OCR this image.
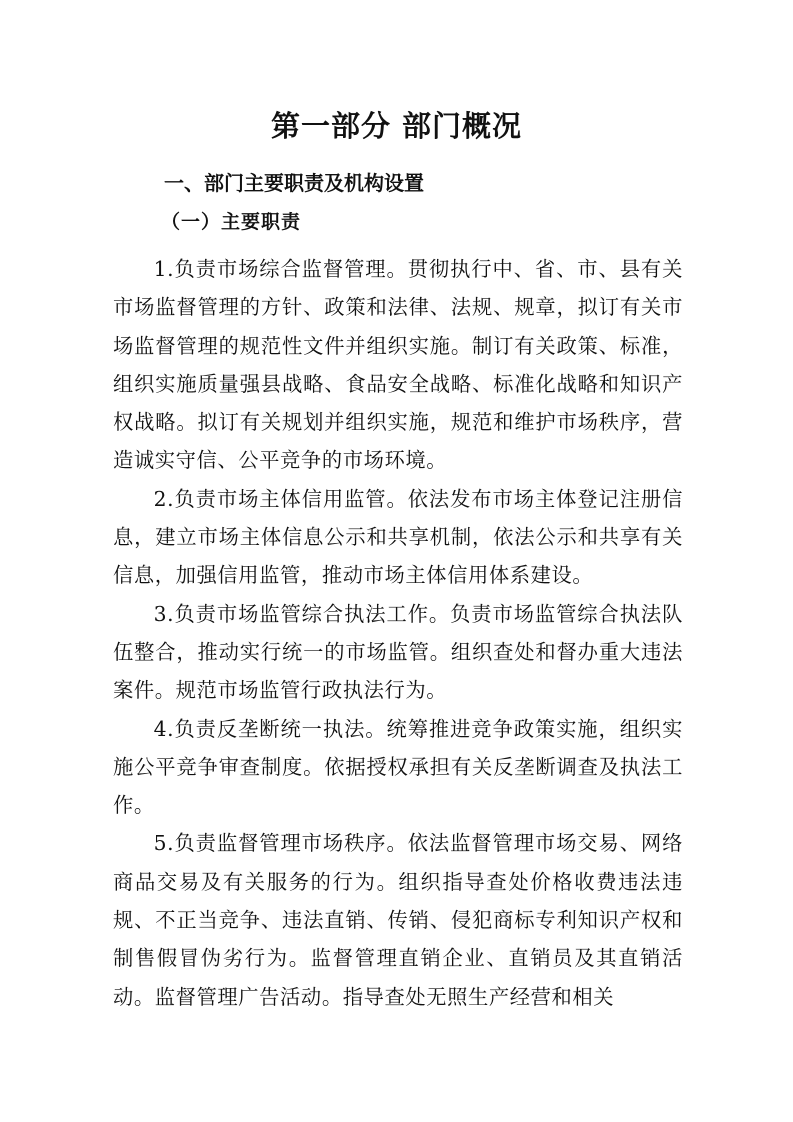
第一部分 部门概况
一、部门主要职责及机构设置
（一）主要职责

1.负责市场综合监督管理。贯彻执行中、省、市、县有关市场监督管理的方针、政策和法律、法规、规章，拟订有关市场监督管理的规范性文件并组织实施。制订有关政策、标准，组织实施质量强县战略、食品安全战略、标准化战略和知识产权战略。拟订有关规划并组织实施，规范和维护市场秩序，营造诚实守信、公平竞争的市场环境。

2.负责市场主体信用监管。依法发布市场主体登记注册信息，建立市场主体信息公示和共享机制，依法公示和共享有关信息，加强信用监管，推动市场主体信用体系建设。

3.负责市场监管综合执法工作。负责市场监管综合执法队伍整合，推动实行统一的市场监管。组织查处和督办重大违法案件。规范市场监管行政执法行为。

4.负责反垄断统一执法。统筹推进竞争政策实施，组织实施公平竞争审查制度。依据授权承担有关反垄断调查及执法工作。

5.负责监督管理市场秩序。依法监督管理市场交易、网络商品交易及有关服务的行为。组织指导查处价格收费违法违规、不正当竞争、违法直销、传销、侵犯商标专利知识产权和制售假冒伪劣行为。监督管理直销企业、直销员及其直销活动。监督管理广告活动。指导查处无照生产经营和相关
